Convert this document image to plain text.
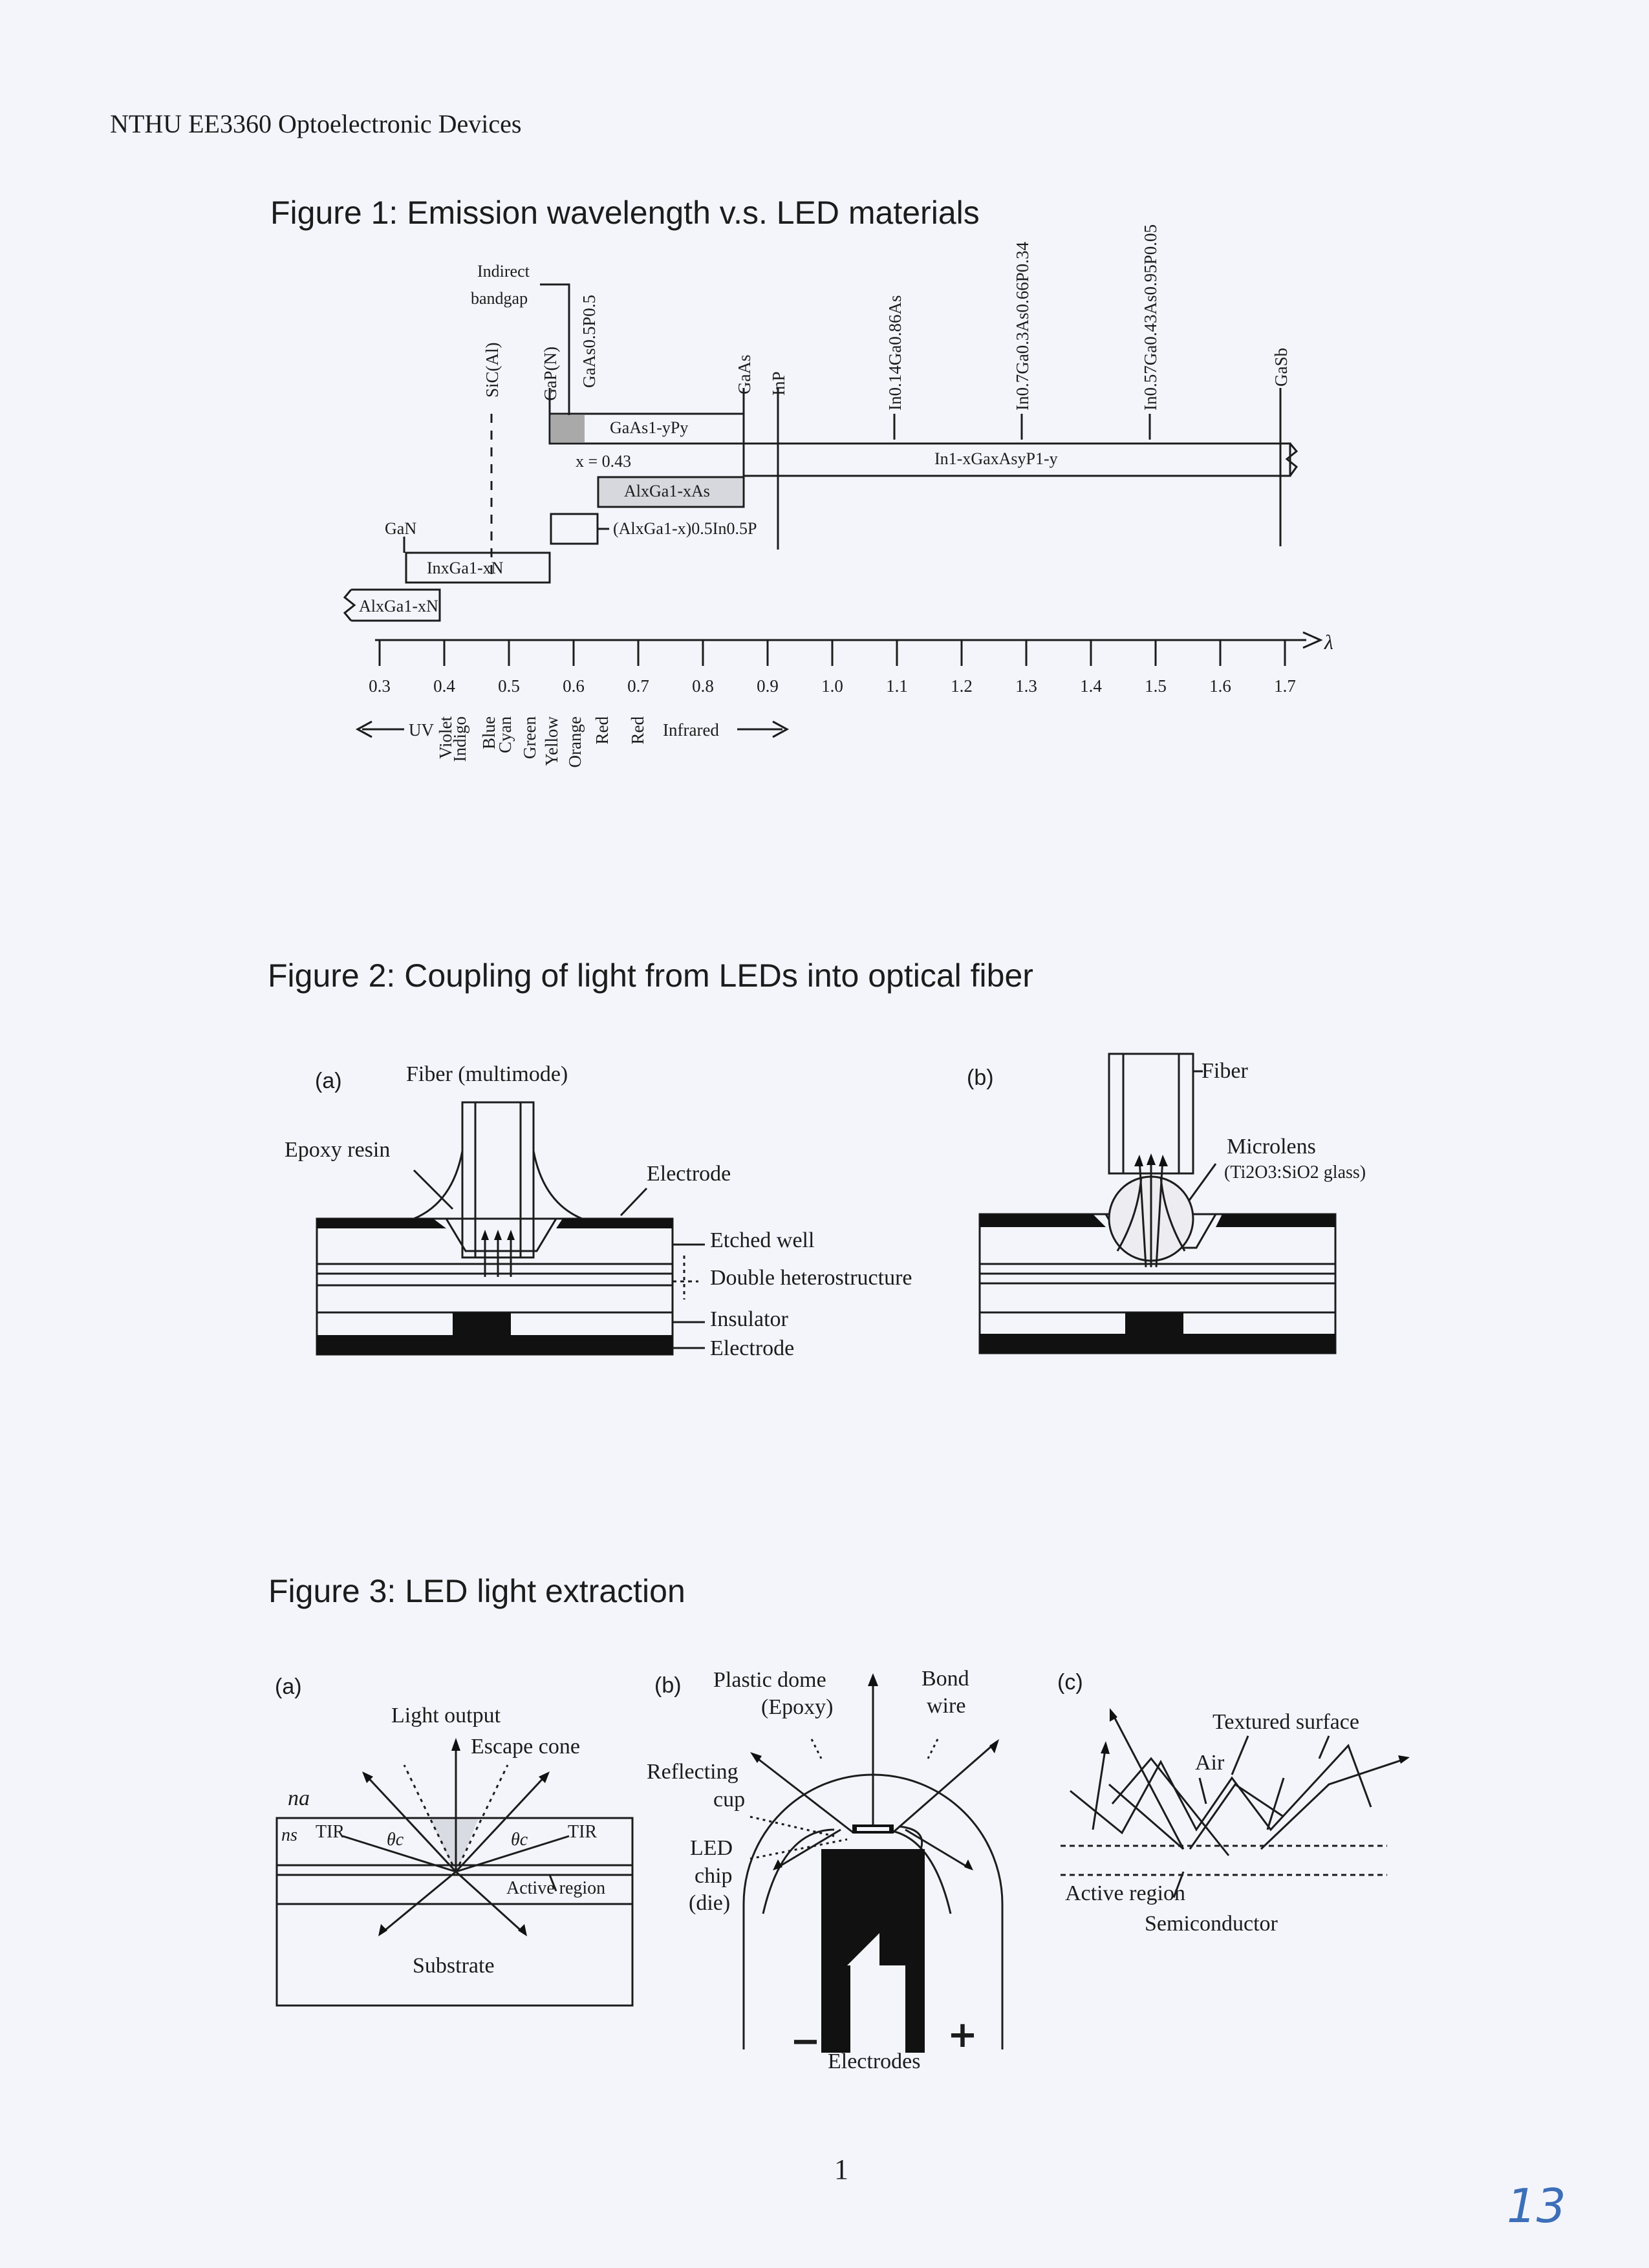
NTHU EE3360 Optoelectronic Devices
Figure 1: Emission wavelength v.s. LED materials
0.3 0.4 0.5 0.6 0.7 0.8 0.9 1.0 1.1 1.2 1.3 1.4 1.5 1.6 1.7
Violet
Indigo Blue
Cyan Green Yellow Orange Red Red
Indirect
bandgap
GaAs1-yPy
x = 0.43
AlxGa1-xAs
(AlxGa1-x)0.5In0.5P
In1-xGaxAsyP1-y
GaN
InxGa1-xN
AlxGa1-xN
λ
UV	Infrared
SiC(Al) GaP(N) GaAs0.5P0.5	GaAs InP	In0.14Ga0.86As	In0.7Ga0.3As0.66P0.34	In0.57Ga0.43As0.95P0.05	GaSb
Figure 2: Coupling of light from LEDs into optical fiber
(a)	(b)
Fiber (multimode)
Epoxy resin
Electrode
Etched well
Double heterostructure
Insulator
Electrode
Fiber
Microlens
(Ti2O3:SiO2 glass)
Figure 3: LED light extraction
(a)	(b)	(c)
Light output
Escape cone
na
ns TIR	TIR
θc	θc
Active region
Substrate
Plastic dome
(Epoxy)
Bond
wire
Reflecting
cup
LED
chip
(die)
−	+
Electrodes
Textured surface
Air
Active region
Semiconductor
1
13
